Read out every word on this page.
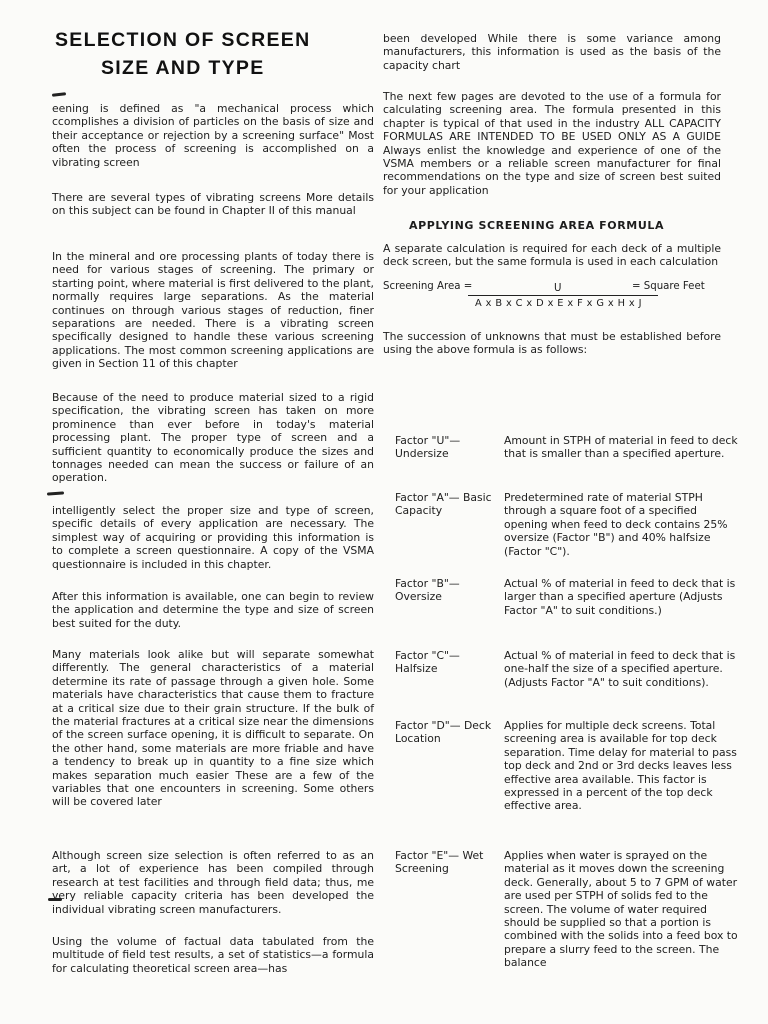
SELECTION OF SCREEN
SIZE AND TYPE

eening is defined as "a mechanical process which ccomplishes a division of particles on the basis of size and their acceptance or rejection by a screening surface" Most often the process of screening is accomplished on a vibrating screen

There are several types of vibrating screens More details on this subject can be found in Chapter II of this manual

In the mineral and ore processing plants of today there is need for various stages of screening. The primary or starting point, where material is first delivered to the plant, normally requires large separations. As the material continues on through various stages of reduction, finer separations are needed. There is a vibrating screen specifically designed to handle these various screening applications. The most common screening applications are given in Section 11 of this chapter

Because of the need to produce material sized to a rigid specification, the vibrating screen has taken on more prominence than ever before in today's material processing plant. The proper type of screen and a sufficient quantity to economically produce the sizes and tonnages needed can mean the success or failure of an operation.

intelligently select the proper size and type of screen, specific details of every application are necessary. The simplest way of acquiring or providing this information is to complete a screen questionnaire. A copy of the VSMA questionnaire is included in this chapter.

After this information is available, one can begin to review the application and determine the type and size of screen best suited for the duty.

Many materials look alike but will separate somewhat differently. The general characteristics of a material determine its rate of passage through a given hole. Some materials have characteristics that cause them to fracture at a critical size due to their grain structure. If the bulk of the material fractures at a critical size near the dimensions of the screen surface opening, it is difficult to separate. On the other hand, some materials are more friable and have a tendency to break up in quantity to a fine size which makes separation much easier These are a few of the variables that one encounters in screening. Some others will be covered later

Although screen size selection is often referred to as an art, a lot of experience has been compiled through research at test facilities and through field data; thus, me very reliable capacity criteria has been developed the individual vibrating screen manufacturers.

Using the volume of factual data tabulated from the multitude of field test results, a set of statistics—a formula for calculating theoretical screen area—has

been developed While there is some variance among manufacturers, this information is used as the basis of the capacity chart

The next few pages are devoted to the use of a formula for calculating screening area. The formula presented in this chapter is typical of that used in the industry ALL CAPACITY FORMULAS ARE INTENDED TO BE USED ONLY AS A GUIDE Always enlist the knowledge and experience of one of the VSMA members or a reliable screen manufacturer for final recommendations on the type and size of screen best suited for your application

APPLYING SCREENING AREA FORMULA

A separate calculation is required for each deck of a multiple deck screen, but the same formula is used in each calculation

Screening Area =	U	= Square Feet
A x B x C x D x E x F x G x H x J

The succession of unknowns that must be established before using the above formula is as follows:

Factor "U"— Undersize
Amount in STPH of material in feed to deck that is smaller than a specified aperture.
Factor "A"— Basic Capacity
Predetermined rate of material STPH through a square foot of a specified opening when feed to deck contains 25% oversize (Factor "B") and 40% halfsize (Factor "C").
Factor "B"— Oversize
Actual % of material in feed to deck that is larger than a specified aperture (Adjusts Factor "A" to suit conditions.)
Factor "C"— Halfsize
Actual % of material in feed to deck that is one-half the size of a specified aperture. (Adjusts Factor "A" to suit conditions).
Factor "D"— Deck Location
Applies for multiple deck screens. Total screening area is available for top deck separation. Time delay for material to pass top deck and 2nd or 3rd decks leaves less effective area available. This factor is expressed in a percent of the top deck effective area.
Factor "E"— Wet Screening
Applies when water is sprayed on the material as it moves down the screening deck. Generally, about 5 to 7 GPM of water are used per STPH of solids fed to the screen. The volume of water required should be supplied so that a portion is combined with the solids into a feed box to prepare a slurry feed to the screen. The balance
